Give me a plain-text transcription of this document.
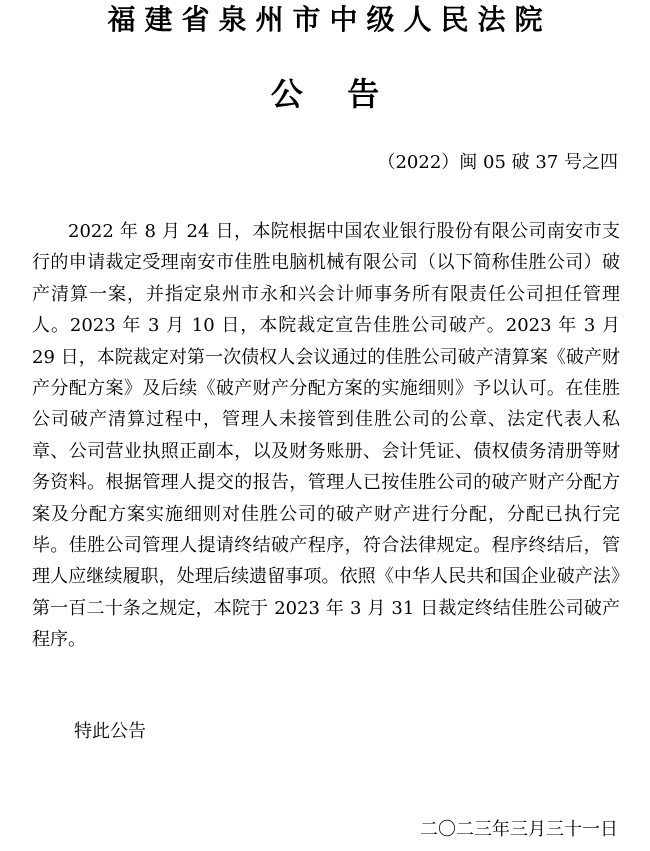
福建省泉州市中级人民法院
公    告
（2022）闽 05 破 37 号之四

2022 年 8 月 24 日，本院根据中国农业银行股份有限公司南安市支行的申请裁定受理南安市佳胜电脑机械有限公司（以下简称佳胜公司）破产清算一案，并指定泉州市永和兴会计师事务所有限责任公司担任管理人。2023 年 3 月 10 日，本院裁定宣告佳胜公司破产。2023 年 3 月 29 日，本院裁定对第一次债权人会议通过的佳胜公司破产清算案《破产财产分配方案》及后续《破产财产分配方案的实施细则》予以认可。在佳胜公司破产清算过程中，管理人未接管到佳胜公司的公章、法定代表人私章、公司营业执照正副本，以及财务账册、会计凭证、债权债务清册等财务资料。根据管理人提交的报告，管理人已按佳胜公司的破产财产分配方案及分配方案实施细则对佳胜公司的破产财产进行分配，分配已执行完毕。佳胜公司管理人提请终结破产程序，符合法律规定。程序终结后，管理人应继续履职，处理后续遗留事项。依照《中华人民共和国企业破产法》第一百二十条之规定，本院于 2023 年 3 月 31 日裁定终结佳胜公司破产程序。

特此公告
二〇二三年三月三十一日
